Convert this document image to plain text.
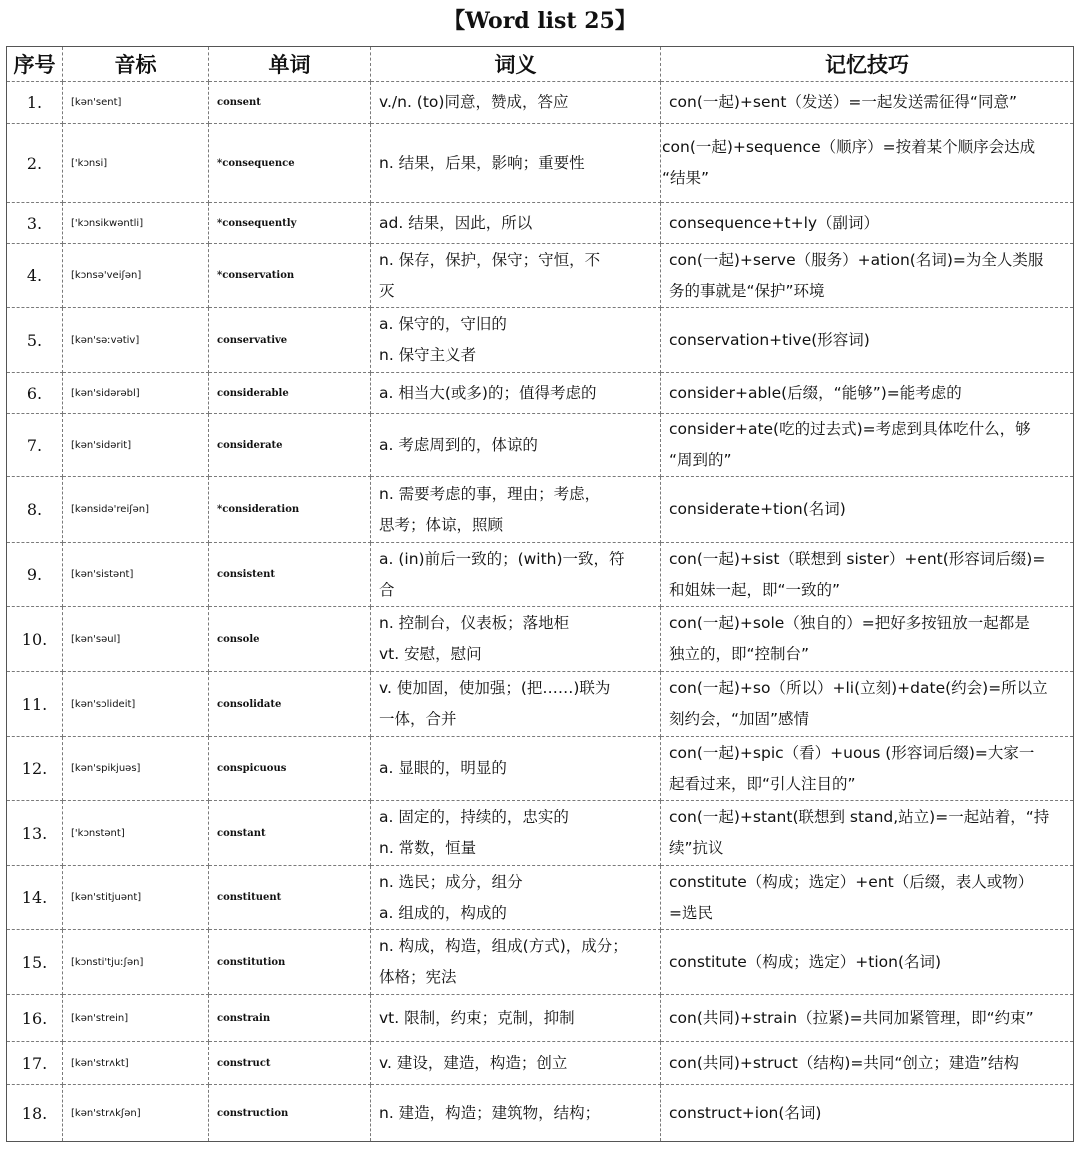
【Word list 25】
序号	音标	单词	词义	记忆技巧
1.	[kən'sent]	consent	v./n. (to)同意，赞成，答应	con(一起)+sent（发送）=一起发送需征得“同意”

2.	['kɔnsi]	*consequence	n. 结果，后果，影响；重要性	con(一起)+sequence（顺序）=按着某个顺序会达成
“结果”

3.	['kɔnsikwəntli]	*consequently	ad. 结果，因此，所以	consequence+t+ly（副词）

4.	[kɔnsə'veiʃən]	*conservation	n. 保存，保护，保守；守恒，不
灭	con(一起)+serve（服务）+ation(名词)=为全人类服
务的事就是“保护”环境

5.	[kən'səːvətiv]	conservative	a. 保守的，守旧的
n. 保守主义者	conservation+tive(形容词)

6.	[kən'sidərəbl]	considerable	a. 相当大(或多)的；值得考虑的	consider+able(后缀，“能够”)=能考虑的

7.	[kən'sidərit]	considerate	a. 考虑周到的，体谅的	consider+ate(吃的过去式)=考虑到具体吃什么，够
“周到的”

8.	[kənsidə'reiʃən]	*consideration	n. 需要考虑的事，理由；考虑，
思考；体谅，照顾	considerate+tion(名词)

9.	[kən'sistənt]	consistent	a. (in)前后一致的；(with)一致，符
合	con(一起)+sist（联想到 sister）+ent(形容词后缀)=
和姐妹一起，即“一致的”

10.	[kən'səul]	console	n. 控制台，仪表板；落地柜
vt. 安慰，慰问	con(一起)+sole（独自的）=把好多按钮放一起都是
独立的，即“控制台”

11.	[kən'sɔlideit]	consolidate	v. 使加固，使加强；(把……)联为
一体，合并	con(一起)+so（所以）+li(立刻)+date(约会)=所以立
刻约会，“加固”感情

12.	[kən'spikjuəs]	conspicuous	a. 显眼的，明显的	con(一起)+spic（看）+uous (形容词后缀)=大家一
起看过来，即“引人注目的”

13.	['kɔnstənt]	constant	a. 固定的，持续的，忠实的
n. 常数，恒量	con(一起)+stant(联想到 stand,站立)=一起站着，“持
续”抗议

14.	[kən'stitjuənt]	constituent	n. 选民；成分，组分
a. 组成的，构成的	constitute（构成；选定）+ent（后缀，表人或物）
=选民

15.	[kɔnsti'tjuːʃən]	constitution	n. 构成，构造，组成(方式)，成分；
体格；宪法	constitute（构成；选定）+tion(名词)

16.	[kən'strein]	constrain	vt. 限制，约束；克制，抑制	con(共同)+strain（拉紧)=共同加紧管理，即“约束”

17.	[kən'strʌkt]	construct	v. 建设，建造，构造；创立	con(共同)+struct（结构)=共同“创立；建造”结构

18.	[kən'strʌkʃən]	construction	n. 建造，构造；建筑物，结构；	construct+ion(名词)
